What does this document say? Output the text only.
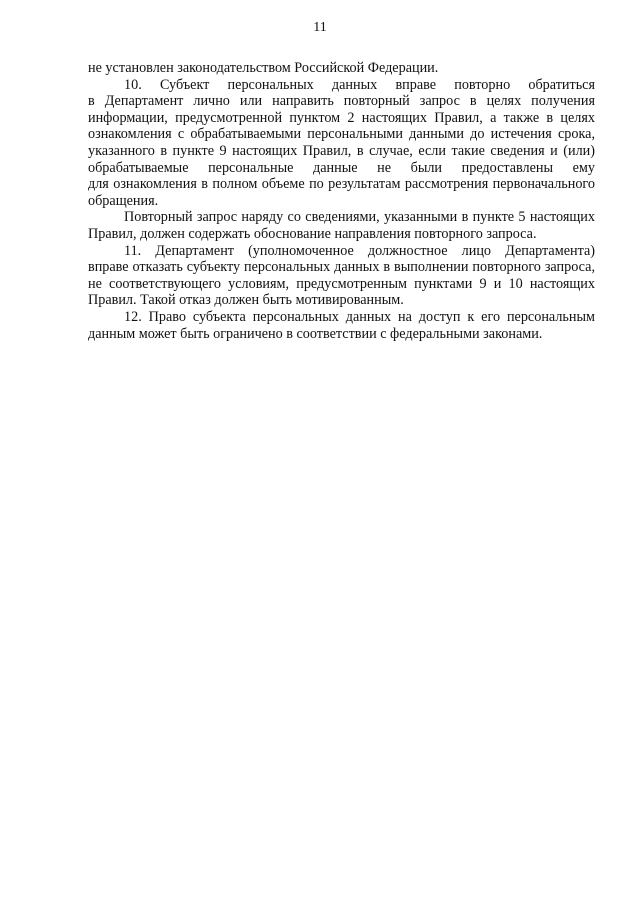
11
не установлен законодательством Российской Федерации.
10. Субъект персональных данных вправе повторно обратиться
в Департамент лично или направить повторный запрос в целях получения
информации, предусмотренной пунктом 2 настоящих Правил, а также в целях
ознакомления с обрабатываемыми персональными данными до истечения срока,
указанного в пункте 9 настоящих Правил, в случае, если такие сведения и (или)
обрабатываемые персональные данные не были предоставлены ему
для ознакомления в полном объеме по результатам рассмотрения первоначального
обращения.
Повторный запрос наряду со сведениями, указанными в пункте 5 настоящих
Правил, должен содержать обоснование направления повторного запроса.
11. Департамент (уполномоченное должностное лицо Департамента)
вправе отказать субъекту персональных данных в выполнении повторного запроса,
не соответствующего условиям, предусмотренным пунктами 9 и 10 настоящих
Правил. Такой отказ должен быть мотивированным.
12. Право субъекта персональных данных на доступ к его персональным
данным может быть ограничено в соответствии с федеральными законами.
